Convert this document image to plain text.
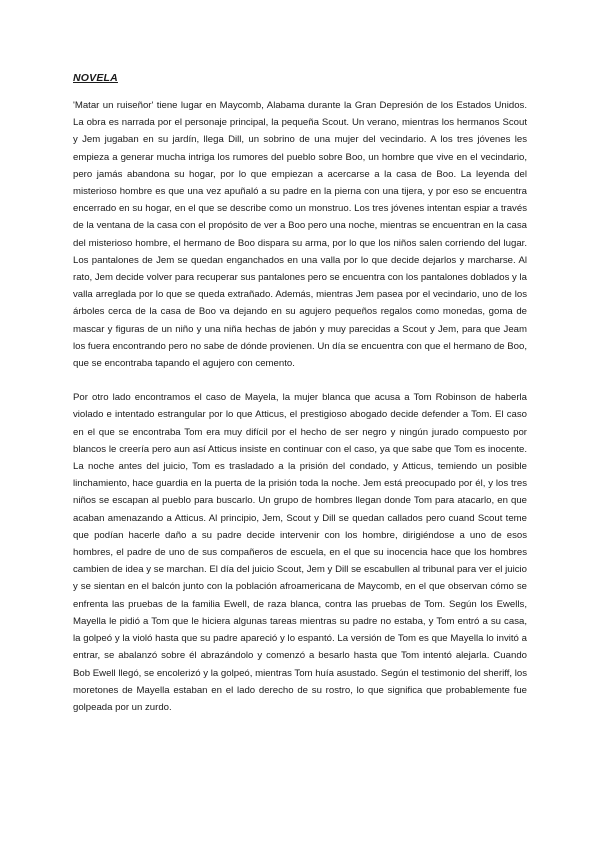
NOVELA

'Matar un ruiseñor' tiene lugar en Maycomb, Alabama durante la Gran Depresión de los Estados Unidos. La obra es narrada por el personaje principal, la pequeña Scout. Un verano, mientras los hermanos Scout y Jem jugaban en su jardín, llega Dill, un sobrino de una mujer del vecindario. A los tres jóvenes les empieza a generar mucha intriga los rumores del pueblo sobre Boo, un hombre que vive en el vecindario, pero jamás abandona su hogar, por lo que empiezan a acercarse a la casa de Boo. La leyenda del misterioso hombre es que una vez apuñaló a su padre en la pierna con una tijera, y por eso se encuentra encerrado en su hogar, en el que se describe como un monstruo. Los tres jóvenes intentan espiar a través de la ventana de la casa con el propósito de ver a Boo pero una noche, mientras se encuentran en la casa del misterioso hombre, el hermano de Boo dispara su arma, por lo que los niños salen corriendo del lugar. Los pantalones de Jem se quedan enganchados en una valla por lo que decide dejarlos y marcharse. Al rato, Jem decide volver para recuperar sus pantalones pero se encuentra con los pantalones doblados y la valla arreglada por lo que se queda extrañado. Además, mientras Jem pasea por el vecindario, uno de los árboles cerca de la casa de Boo va dejando en su agujero pequeños regalos como monedas, goma de mascar y figuras de un niño y una niña hechas de jabón y muy parecidas a Scout y Jem, para que Jeam los fuera encontrando pero no sabe de dónde provienen. Un día se encuentra con que el hermano de Boo, que se encontraba tapando el agujero con cemento.

Por otro lado encontramos el caso de Mayela, la mujer blanca que acusa a Tom Robinson de haberla violado e intentado estrangular por lo que Atticus, el prestigioso abogado decide defender a Tom. El caso en el que se encontraba Tom era muy difícil por el hecho de ser negro y ningún jurado compuesto por blancos le creería pero aun así Atticus insiste en continuar con el caso, ya que sabe que Tom es inocente. La noche antes del juicio, Tom es trasladado a la prisión del condado, y Atticus, temiendo un posible linchamiento, hace guardia en la puerta de la prisión toda la noche. Jem está preocupado por él, y los tres niños se escapan al pueblo para buscarlo. Un grupo de hombres llegan donde Tom para atacarlo, en que acaban amenazando a Atticus. Al principio, Jem, Scout y Dill se quedan callados pero cuand Scout teme que podían hacerle daño a su padre decide intervenir con los hombre, dirigiéndose a uno de esos hombres, el padre de uno de sus compañeros de escuela, en el que su inocencia hace que los hombres cambien de idea y se marchan. El día del juicio Scout, Jem y Dill se escabullen al tribunal para ver el juicio y se sientan en el balcón junto con la población afroamericana de Maycomb, en el que observan cómo se enfrenta las pruebas de la familia Ewell, de raza blanca, contra las pruebas de Tom. Según los Ewells, Mayella le pidió a Tom que le hiciera algunas tareas mientras su padre no estaba, y Tom entró a su casa, la golpeó y la violó hasta que su padre apareció y lo espantó. La versión de Tom es que Mayella lo invitó a entrar, se abalanzó sobre él abrazándolo y comenzó a besarlo hasta que Tom intentó alejarla. Cuando Bob Ewell llegó, se encolerizó y la golpeó, mientras Tom huía asustado. Según el testimonio del sheriff, los moretones de Mayella estaban en el lado derecho de su rostro, lo que significa que probablemente fue golpeada por un zurdo.
